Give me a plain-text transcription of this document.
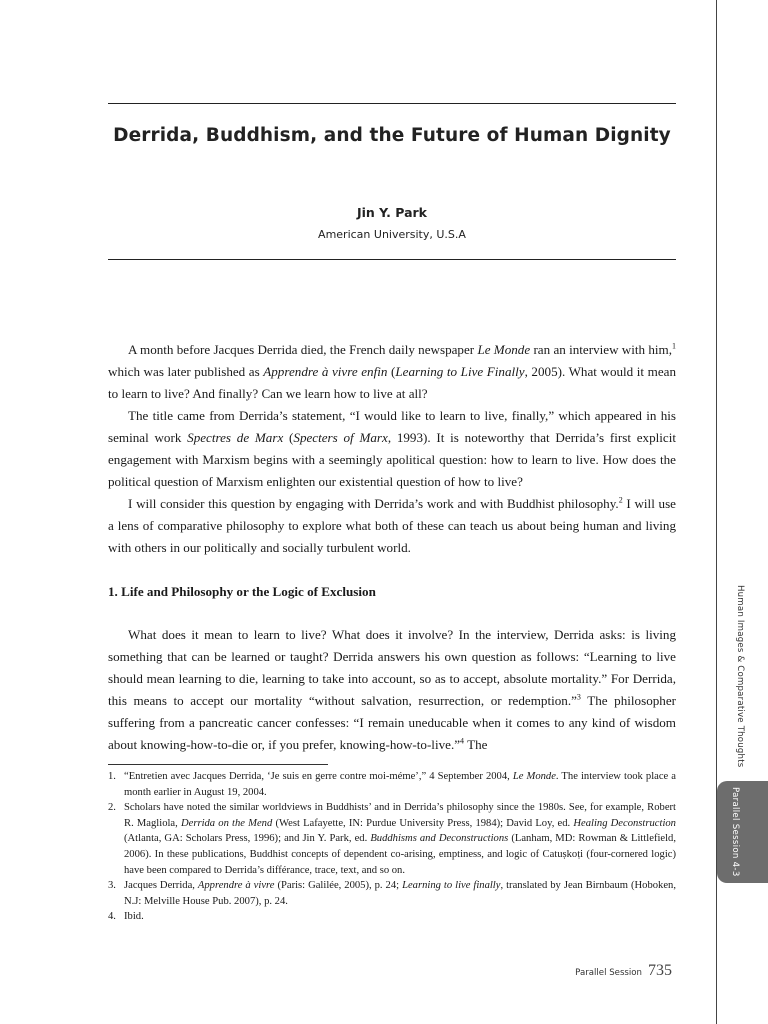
Derrida, Buddhism, and the Future of Human Dignity
Jin Y. Park
American University, U.S.A

A month before Jacques Derrida died, the French daily newspaper Le Monde ran an interview with him,$^1$ which was later published as Apprendre à vivre enfin (Learning to Live Finally, 2005). What would it mean to learn to live? And finally? Can we learn how to live at all?

The title came from Derrida’s statement, “I would like to learn to live, finally,” which appeared in his seminal work Spectres de Marx (Specters of Marx, 1993). It is noteworthy that Derrida’s first explicit engagement with Marxism begins with a seemingly apolitical question: how to learn to live. How does the political question of Marxism enlighten our existential question of how to live?

I will consider this question by engaging with Derrida’s work and with Buddhist philosophy.$^2$ I will use a lens of comparative philosophy to explore what both of these can teach us about being human and living with others in our politically and socially turbulent world.

1. Life and Philosophy or the Logic of Exclusion

What does it mean to learn to live? What does it involve? In the interview, Derrida asks: is living something that can be learned or taught? Derrida answers his own question as follows: “Learning to live should mean learning to die, learning to take into account, so as to accept, absolute mortality.” For Derrida, this means to accept our mortality “without salvation, resurrection, or redemption.”$^3$ The philosopher suffering from a pancreatic cancer confesses: “I remain uneducable when it comes to any kind of wisdom about knowing-how-to-die or, if you prefer, knowing-how-to-live.”$^4$ The

1. “Entretien avec Jacques Derrida, ‘Je suis en gerre contre moi-méme’,” 4 September 2004, Le Monde. The interview took place a month earlier in August 19, 2004.
2. Scholars have noted the similar worldviews in Buddhists’ and in Derrida’s philosophy since the 1980s. See, for example, Robert R. Magliola, Derrida on the Mend (West Lafayette, IN: Purdue University Press, 1984); David Loy, ed. Healing Deconstruction (Atlanta, GA: Scholars Press, 1996); and Jin Y. Park, ed. Buddhisms and Deconstructions (Lanham, MD: Rowman & Littlefield, 2006). In these publications, Buddhist concepts of dependent co-arising, emptiness, and logic of Catuṣkoṭi (four-cornered logic) have been compared to Derrida’s différance, trace, text, and so on.
3. Jacques Derrida, Apprendre à vivre (Paris: Galilée, 2005), p. 24; Learning to live finally, translated by Jean Birnbaum (Hoboken, N.J: Melville House Pub. 2007), p. 24.
4. Ibid.
Human Images & Comparative Thoughts
Parallel Session 4-3
Parallel Session 735
